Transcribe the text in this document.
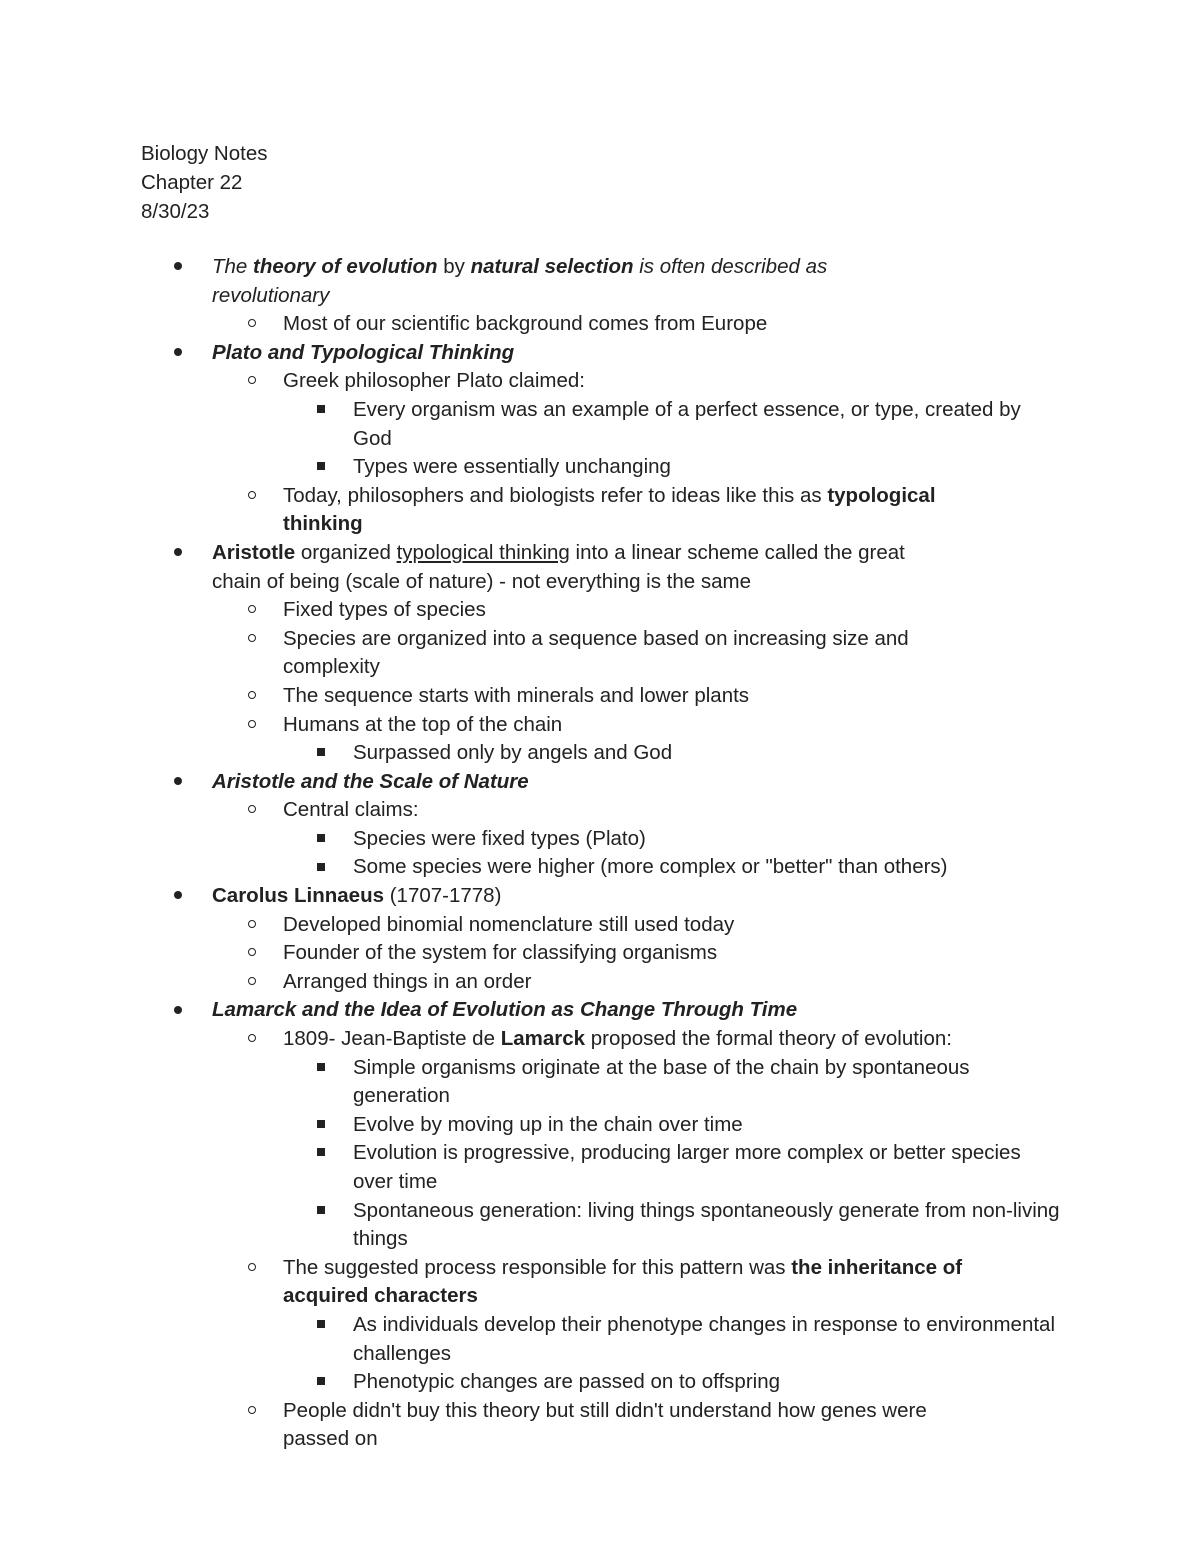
Biology Notes
Chapter 22
8/30/23
The theory of evolution by natural selection is often described as revolutionary
Most of our scientific background comes from Europe
Plato and Typological Thinking
Greek philosopher Plato claimed:
Every organism was an example of a perfect essence, or type, created by God
Types were essentially unchanging
Today, philosophers and biologists refer to ideas like this as typological thinking
Aristotle organized typological thinking into a linear scheme called the great chain of being (scale of nature) - not everything is the same
Fixed types of species
Species are organized into a sequence based on increasing size and complexity
The sequence starts with minerals and lower plants
Humans at the top of the chain
Surpassed only by angels and God
Aristotle and the Scale of Nature
Central claims:
Species were fixed types (Plato)
Some species were higher (more complex or "better" than others)
Carolus Linnaeus (1707-1778)
Developed binomial nomenclature still used today
Founder of the system for classifying organisms
Arranged things in an order
Lamarck and the Idea of Evolution as Change Through Time
1809- Jean-Baptiste de Lamarck proposed the formal theory of evolution:
Simple organisms originate at the base of the chain by spontaneous generation
Evolve by moving up in the chain over time
Evolution is progressive, producing larger more complex or better species over time
Spontaneous generation: living things spontaneously generate from non-living things
The suggested process responsible for this pattern was the inheritance of acquired characters
As individuals develop their phenotype changes in response to environmental challenges
Phenotypic changes are passed on to offspring
People didn't buy this theory but still didn't understand how genes were passed on
